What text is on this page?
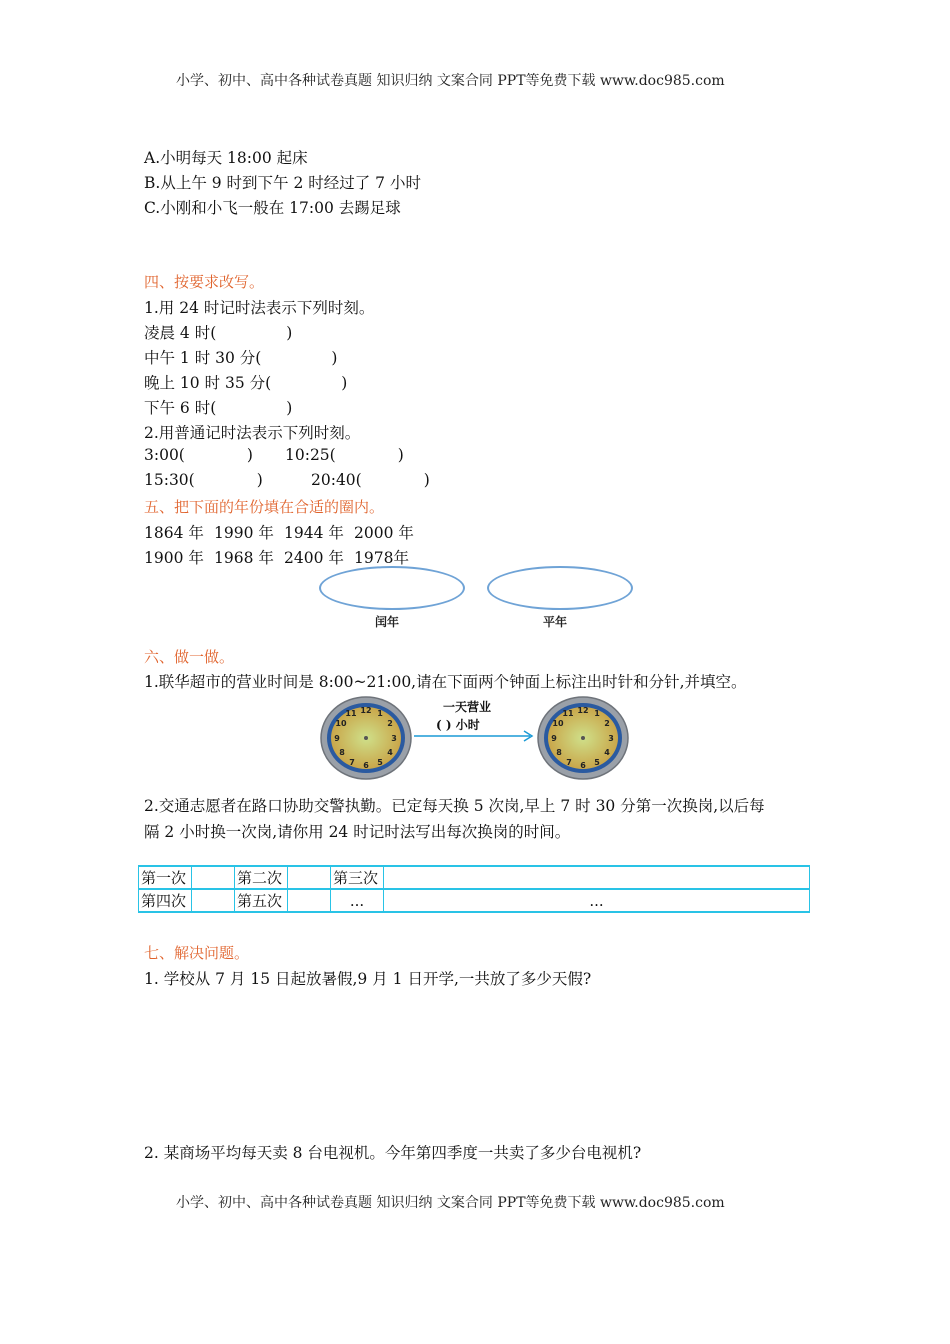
小学、初中、高中各种试卷真题 知识归纳 文案合同 PPT等免费下载 www.doc985.com
A.小明每天 18:00 起床
B.从上午 9 时到下午 2 时经过了 7 小时
C.小刚和小飞一般在 17:00 去踢足球
四、按要求改写。
1.用 24 时记时法表示下列时刻。
凌晨 4 时(	)
中午 1 时 30 分(	)
晚上 10 时 35 分(	)
下午 6 时(	)
2.用普通记时法表示下列时刻。
3:00(	) 10:25(	)
15:30(	)	20:40(	)
五、把下面的年份填在合适的圈内。
1864 年 1990 年 1944 年 2000 年
1900 年 1968 年 2400 年 1978年
闰年	平年
六、做一做。
1.联华超市的营业时间是 8:00~21:00,请在下面两个钟面上标注出时针和分针,并填空。
12 1
2
3
4
5
6
7
8
9
10
11	一天营业
( ) 小时
12 1
2
3
4
5
6
7
8
9
10
11
2.交通志愿者在路口协助交警执勤。已定每天换 5 次岗,早上 7 时 30 分第一次换岗,以后每
隔 2 小时换一次岗,请你用 24 时记时法写出每次换岗的时间。
第一次		第二次		第三次	
第四次		第五次		...	...
七、解决问题。
1. 学校从 7 月 15 日起放暑假,9 月 1 日开学,一共放了多少天假?
2. 某商场平均每天卖 8 台电视机。今年第四季度一共卖了多少台电视机?
小学、初中、高中各种试卷真题 知识归纳 文案合同 PPT等免费下载 www.doc985.com
